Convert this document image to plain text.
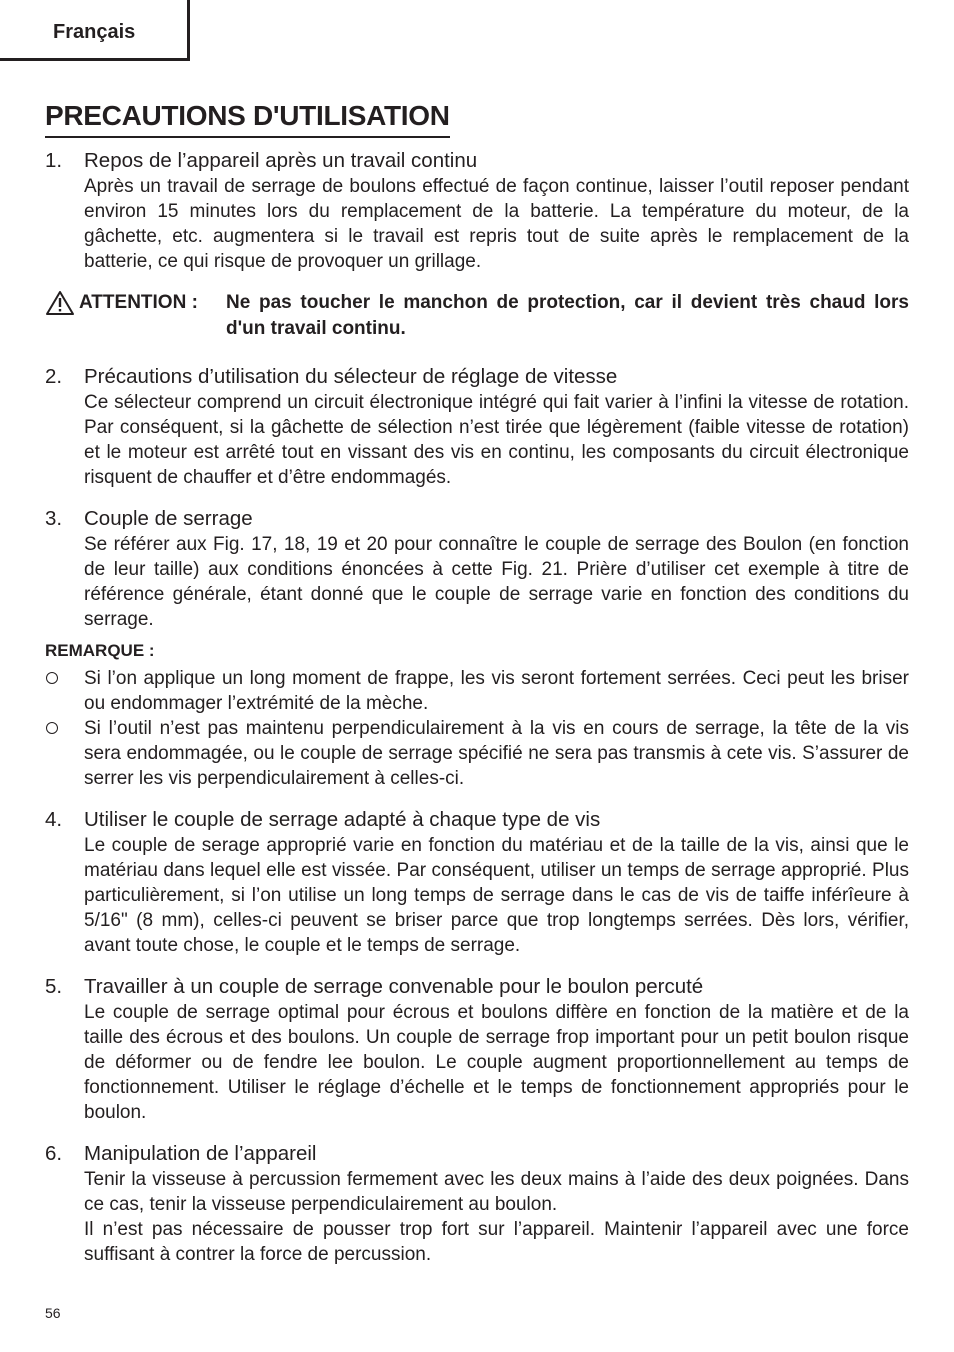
Français
PRECAUTIONS D'UTILISATION
1. Repos de l’appareil après un travail continu

Après un travail de serrage de boulons effectué de façon continue, laisser l’outil reposer pendant environ 15 minutes lors du remplacement de la batterie. La température du moteur, de la gâchette, etc. augmentera si le travail est repris tout de suite après le remplacement de la batterie, ce qui risque de provoquer un grillage.

ATTENTION :	Ne pas toucher le manchon de protection, car il devient très chaud lors d'un travail continu.
2. Précautions d’utilisation du sélecteur de réglage de vitesse

Ce sélecteur comprend un circuit électronique intégré qui fait varier à l’infini la vitesse de rotation. Par conséquent, si la gâchette de sélection n’est tirée que légèrement (faible vitesse de rotation) et le moteur est arrêté tout en vissant des vis en continu, les composants du circuit électronique risquent de chauffer et d’être endommagés.

3. Couple de serrage

Se référer aux Fig. 17, 18, 19 et 20 pour connaître le couple de serrage des Boulon (en fonction de leur taille) aux conditions énoncées à cette Fig. 21. Prière d’utiliser cet exemple à titre de référence générale, étant donné que le couple de serrage varie en fonction des conditions du serrage.

REMARQUE :
Si l’on applique un long moment de frappe, les vis seront fortement serrées. Ceci peut les briser ou endommager l’extrémité de la mèche.
Si l’outil n’est pas maintenu perpendiculairement à la vis en cours de serrage, la tête de la vis sera endommagée, ou le couple de serrage spécifié ne sera pas transmis à cete vis. S’assurer de serrer les vis perpendiculairement à celles-ci.
4. Utiliser le couple de serrage adapté à chaque type de vis

Le couple de serage approprié varie en fonction du matériau et de la taille de la vis, ainsi que le matériau dans lequel elle est vissée. Par conséquent, utiliser un temps de serrage approprié. Plus particulièrement, si l’on utilise un long temps de serrage dans le cas de vis de taiffe inférîeure à 5/16" (8 mm), celles-ci peuvent se briser parce que trop longtemps serrées. Dès lors, vérifier, avant toute chose, le couple et le temps de serrage.

5. Travailler à un couple de serrage convenable pour le boulon percuté

Le couple de serrage optimal pour écrous et boulons diffère en fonction de la matière et de la taille des écrous et des boulons. Un couple de serrage frop important pour un petit boulon risque de déformer ou de fendre lee boulon. Le couple augment proportionnellement au temps de fonctionnement. Utiliser le réglage d’échelle et le temps de fonctionnement appropriés pour le boulon.

6. Manipulation de l’appareil

Tenir la visseuse à percussion fermement avec les deux mains à l’aide des deux poignées. Dans ce cas, tenir la visseuse perpendiculairement au boulon.

Il n’est pas nécessaire de pousser trop fort sur l’appareil. Maintenir l’appareil avec une force suffisant à contrer la force de percussion.

56
